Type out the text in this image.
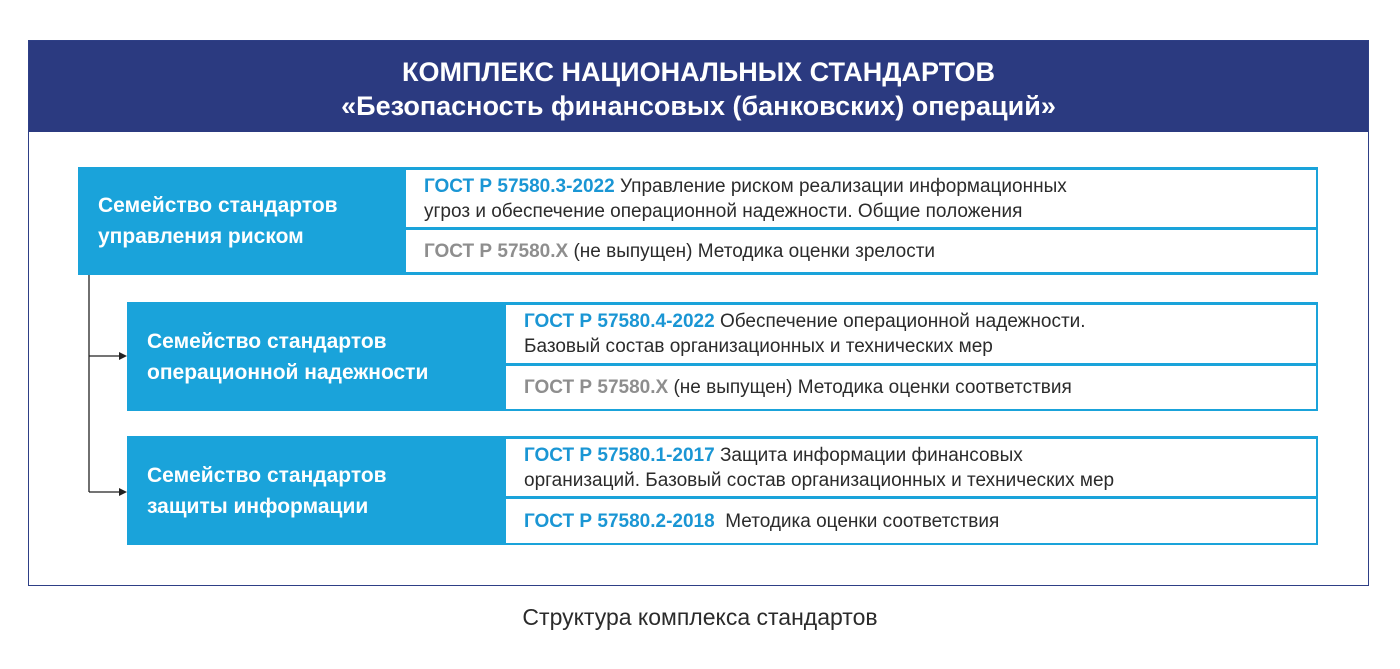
КОМПЛЕКС НАЦИОНАЛЬНЫХ СТАНДАРТОВ
«Безопасность финансовых (банковских) операций»
Семейство стандартов
управления риском
ГОСТ Р 57580.3-2022 Управление риском реализации информационных
угроз и обеспечение операционной надежности. Общие положения
ГОСТ Р 57580.Х (не выпущен) Методика оценки зрелости
Семейство стандартов
операционной надежности
ГОСТ Р 57580.4-2022 Обеспечение операционной надежности.
Базовый состав организационных и технических мер
ГОСТ Р 57580.Х (не выпущен) Методика оценки соответствия
Семейство стандартов
защиты информации
ГОСТ Р 57580.1-2017 Защита информации финансовых
организаций. Базовый состав организационных и технических мер
ГОСТ Р 57580.2-2018  Методика оценки соответствия
Структура комплекса стандартов
